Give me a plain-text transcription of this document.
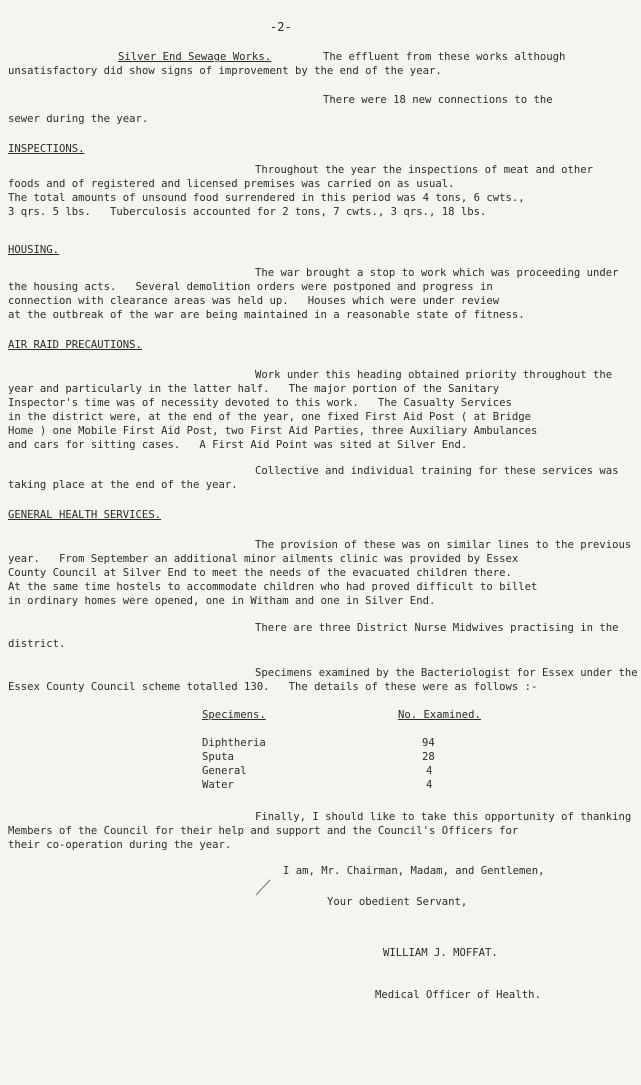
-2-
Silver End Sewage Works.	The effluent from these works although
unsatisfactory did show signs of improvement by the end of the year.
There were 18 new connections to the
sewer during the year.
INSPECTIONS.
Throughout the year the inspections of meat and other
foods and of registered and licensed premises was carried on as usual.
The total amounts of unsound food surrendered in this period was 4 tons, 6 cwts.,
3 qrs. 5 lbs.   Tuberculosis accounted for 2 tons, 7 cwts., 3 qrs., 18 lbs.
HOUSING.
The war brought a stop to work which was proceeding under
the housing acts.   Several demolition orders were postponed and progress in
connection with clearance areas was held up.   Houses which were under review
at the outbreak of the war are being maintained in a reasonable state of fitness.
AIR RAID PRECAUTIONS.
Work under this heading obtained priority throughout the
year and particularly in the latter half.   The major portion of the Sanitary
Inspector's time was of necessity devoted to this work.   The Casualty Services
in the district were, at the end of the year, one fixed First Aid Post ( at Bridge
Home ) one Mobile First Aid Post, two First Aid Parties, three Auxiliary Ambulances
and cars for sitting cases.   A First Aid Point was sited at Silver End.
Collective and individual training for these services was
taking place at the end of the year.
GENERAL HEALTH SERVICES.
The provision of these was on similar lines to the previous
year.   From September an additional minor ailments clinic was provided by Essex
County Council at Silver End to meet the needs of the evacuated children there.
At the same time hostels to accommodate children who had proved difficult to billet
in ordinary homes were opened, one in Witham and one in Silver End.
There are three District Nurse Midwives practising in the
district.
Specimens examined by the Bacteriologist for Essex under the
Essex County Council scheme totalled 130.   The details of these were as follows :-
Specimens.	No. Examined.
Diphtheria	94
Sputa	28
General	4
Water	4
Finally, I should like to take this opportunity of thanking
Members of the Council for their help and support and the Council's Officers for
their co-operation during the year.
I am, Mr. Chairman, Madam, and Gentlemen,
Your obedient Servant,
WILLIAM J. MOFFAT.
Medical Officer of Health.
